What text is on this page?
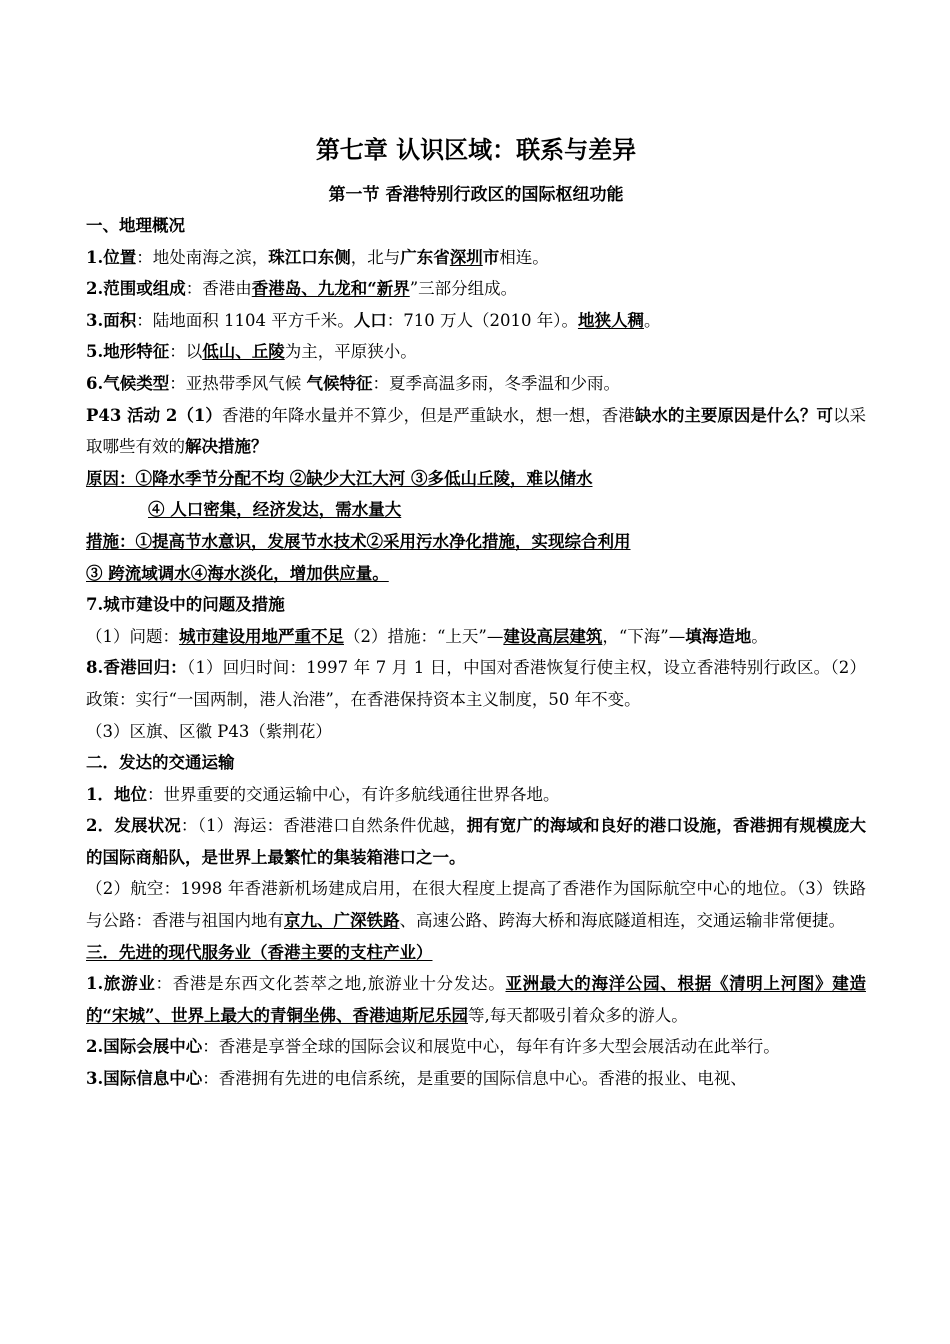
第七章 认识区域：联系与差异
第一节 香港特别行政区的国际枢纽功能

一、地理概况

1.位置：地处南海之滨，珠江口东侧，北与广东省深圳市相连。

2.范围或组成：香港由香港岛、九龙和“新界”三部分组成。

3.面积：陆地面积 1104 平方千米。人口：710 万人（2010 年）。地狭人稠。

5.地形特征：以低山、丘陵为主，平原狭小。

6.气候类型：亚热带季风气候 气候特征：夏季高温多雨，冬季温和少雨。

P43 活动 2（1）香港的年降水量并不算少，但是严重缺水，想一想，香港缺水的主要原因是什么？可以采取哪些有效的解决措施？

原因：①降水季节分配不均 ②缺少大江大河 ③多低山丘陵，难以储水

④ 人口密集，经济发达，需水量大

措施：①提高节水意识，发展节水技术②采用污水净化措施，实现综合利用

③ 跨流域调水④海水淡化，增加供应量。

7.城市建设中的问题及措施

（1）问题：城市建设用地严重不足（2）措施：“上天”—建设高层建筑，“下海”—填海造地。

8.香港回归：（1）回归时间：1997 年 7 月 1 日，中国对香港恢复行使主权，设立香港特别行政区。（2）政策：实行“一国两制，港人治港”，在香港保持资本主义制度，50 年不变。

（3）区旗、区徽 P43（紫荆花）

二．发达的交通运输

1．地位：世界重要的交通运输中心，有许多航线通往世界各地。

2．发展状况：（1）海运：香港港口自然条件优越，拥有宽广的海域和良好的港口设施，香港拥有规模庞大的国际商船队，是世界上最繁忙的集装箱港口之一。

（2）航空：1998 年香港新机场建成启用，在很大程度上提高了香港作为国际航空中心的地位。（3）铁路与公路：香港与祖国内地有京九、广深铁路、高速公路、跨海大桥和海底隧道相连，交通运输非常便捷。

三．先进的现代服务业（香港主要的支柱产业）

1.旅游业：香港是东西文化荟萃之地,旅游业十分发达。亚洲最大的海洋公园、根据《清明上河图》建造的“宋城”、世界上最大的青铜坐佛、香港迪斯尼乐园等,每天都吸引着众多的游人。

2.国际会展中心：香港是享誉全球的国际会议和展览中心，每年有许多大型会展活动在此举行。

3.国际信息中心：香港拥有先进的电信系统，是重要的国际信息中心。香港的报业、电视、
